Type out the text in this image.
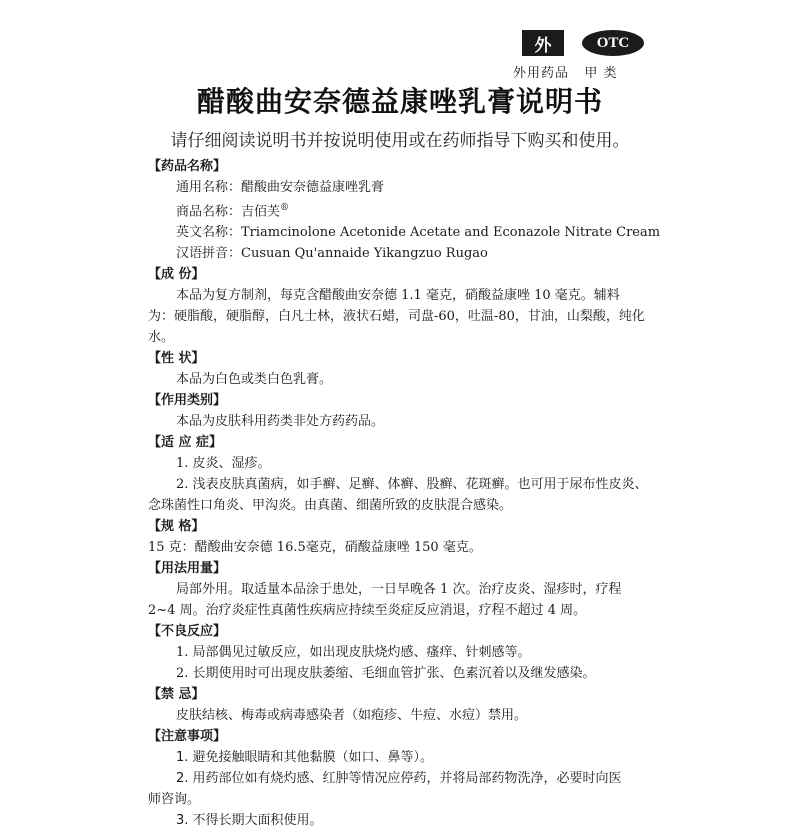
外	OTC
外用药品   甲 类
醋酸曲安奈德益康唑乳膏说明书
请仔细阅读说明书并按说明使用或在药师指导下购买和使用。
【药品名称】
通用名称：醋酸曲安奈德益康唑乳膏
商品名称：吉佰芙®
英文名称：Triamcinolone Acetonide Acetate and Econazole Nitrate Cream
汉语拼音：Cusuan Qu'annaide Yikangzuo Rugao
【成 份】
本品为复方制剂，每克含醋酸曲安奈德 1.1 毫克，硝酸益康唑 10 毫克。辅料
为：硬脂酸，硬脂醇，白凡士林，液状石蜡，司盘-60，吐温-80，甘油，山梨酸，纯化
水。
【性 状】
本品为白色或类白色乳膏。
【作用类别】
本品为皮肤科用药类非处方药药品。
【适 应 症】
1. 皮炎、湿疹。
2. 浅表皮肤真菌病，如手癣、足癣、体癣、股癣、花斑癣。也可用于尿布性皮炎、
念珠菌性口角炎、甲沟炎。由真菌、细菌所致的皮肤混合感染。
【规 格】
15 克：醋酸曲安奈德 16.5毫克，硝酸益康唑 150 毫克。
【用法用量】
局部外用。取适量本品涂于患处，一日早晚各 1 次。治疗皮炎、湿疹时，疗程
2~4 周。治疗炎症性真菌性疾病应持续至炎症反应消退，疗程不超过 4 周。
【不良反应】
1. 局部偶见过敏反应，如出现皮肤烧灼感、瘙痒、针刺感等。
2. 长期使用时可出现皮肤萎缩、毛细血管扩张、色素沉着以及继发感染。
【禁 忌】
皮肤结核、梅毒或病毒感染者（如疱疹、牛痘、水痘）禁用。
【注意事项】
1. 避免接触眼睛和其他黏膜（如口、鼻等）。
2. 用药部位如有烧灼感、红肿等情况应停药，并将局部药物洗净，必要时向医
师咨询。
3. 不得长期大面积使用。
